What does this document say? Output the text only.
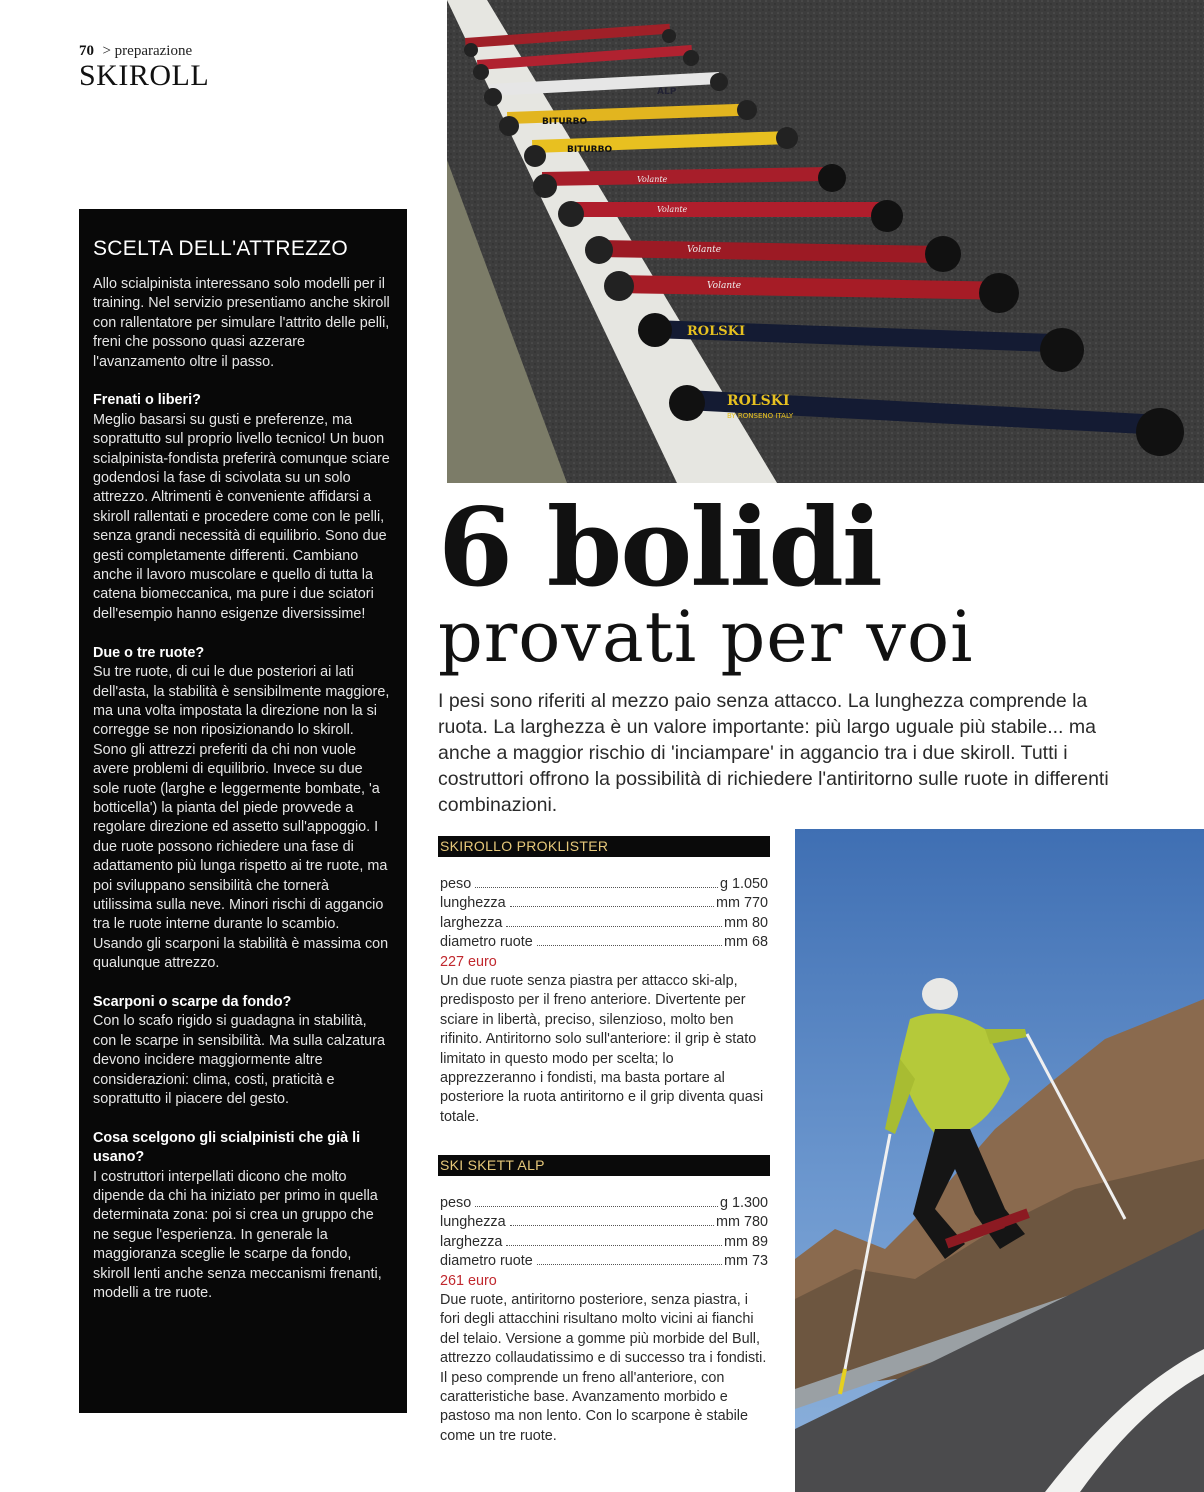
70 > preparazione
SKIROLL
ROLSKI
ROLSKI
BY RONSENO ITALY
BITURBO
BITURBO
ALP
Volante
Volante
Volante
Volante
SCELTA DELL'ATTREZZO

Allo scialpinista interessano solo modelli per il training. Nel servizio presentiamo anche skiroll con rallentatore per simulare l'attrito delle pelli, freni che possono quasi azzerare l'avanzamento oltre il passo.

Frenati o liberi?
Meglio basarsi su gusti e preferenze, ma soprattutto sul proprio livello tecnico! Un buon scialpinista-fondista preferirà comunque sciare godendosi la fase di scivolata su un solo attrezzo. Altrimenti è conveniente affidarsi a skiroll rallentati e procedere come con le pelli, senza grandi necessità di equilibrio. Sono due gesti completamente differenti. Cambiano anche il lavoro muscolare e quello di tutta la catena biomeccanica, ma pure i due sciatori dell'esempio hanno esigenze diversissime!

Due o tre ruote?
Su tre ruote, di cui le due posteriori ai lati dell'asta, la stabilità è sensibilmente maggiore, ma una volta impostata la direzione non la si corregge se non riposizionando lo skiroll. Sono gli attrezzi preferiti da chi non vuole avere problemi di equilibrio. Invece su due sole ruote (larghe e leggermente bombate, 'a botticella') la pianta del piede provvede a regolare direzione ed assetto sull'appoggio. I due ruote possono richiedere una fase di adattamento più lunga rispetto ai tre ruote, ma poi sviluppano sensibilità che tornerà utilissima sulla neve. Minori rischi di aggancio tra le ruote interne durante lo scambio. Usando gli scarponi la stabilità è massima con qualunque attrezzo.

Scarponi o scarpe da fondo?
Con lo scafo rigido si guadagna in stabilità, con le scarpe in sensibilità. Ma sulla calzatura devono incidere maggiormente altre considerazioni: clima, costi, praticità e soprattutto il piacere del gesto.

Cosa scelgono gli scialpinisti che già li usano?
I costruttori interpellati dicono che molto dipende da chi ha iniziato per primo in quella determinata zona: poi si crea un gruppo che ne segue l'esperienza. In generale la maggioranza sceglie le scarpe da fondo, skiroll lenti anche senza meccanismi frenanti, modelli a tre ruote.

6 bolidi
provati per voi
I pesi sono riferiti al mezzo paio senza attacco. La lunghezza comprende la ruota. La larghezza è un valore importante: più largo uguale più stabile... ma anche a maggior rischio di 'inciampare' in aggancio tra i due skiroll. Tutti i costruttori offrono la possibilità di richiedere l'antiritorno sulle ruote in differenti combinazioni.
SKIROLLO PROKLISTER
peso	g 1.050
lunghezza	mm 770
larghezza	mm 80
diametro ruote	mm 68
227 euro

Un due ruote senza piastra per attacco ski-alp, predisposto per il freno anteriore. Divertente per sciare in libertà, preciso, silenzioso, molto ben rifinito. Antiritorno solo sull'anteriore: il grip è stato limitato in questo modo per scelta; lo apprezzeranno i fondisti, ma basta portare al posteriore la ruota antiritorno e il grip diventa quasi totale.

SKI SKETT ALP
peso	g 1.300
lunghezza	mm 780
larghezza	mm 89
diametro ruote	mm 73
261 euro

Due ruote, antiritorno posteriore, senza piastra, i fori degli attacchini risultano molto vicini ai fianchi del telaio. Versione a gomme più morbide del Bull, attrezzo collaudatissimo e di successo tra i fondisti. Il peso comprende un freno all'anteriore, con caratteristiche base. Avanzamento morbido e pastoso ma non lento. Con lo scarpone è stabile come un tre ruote.
